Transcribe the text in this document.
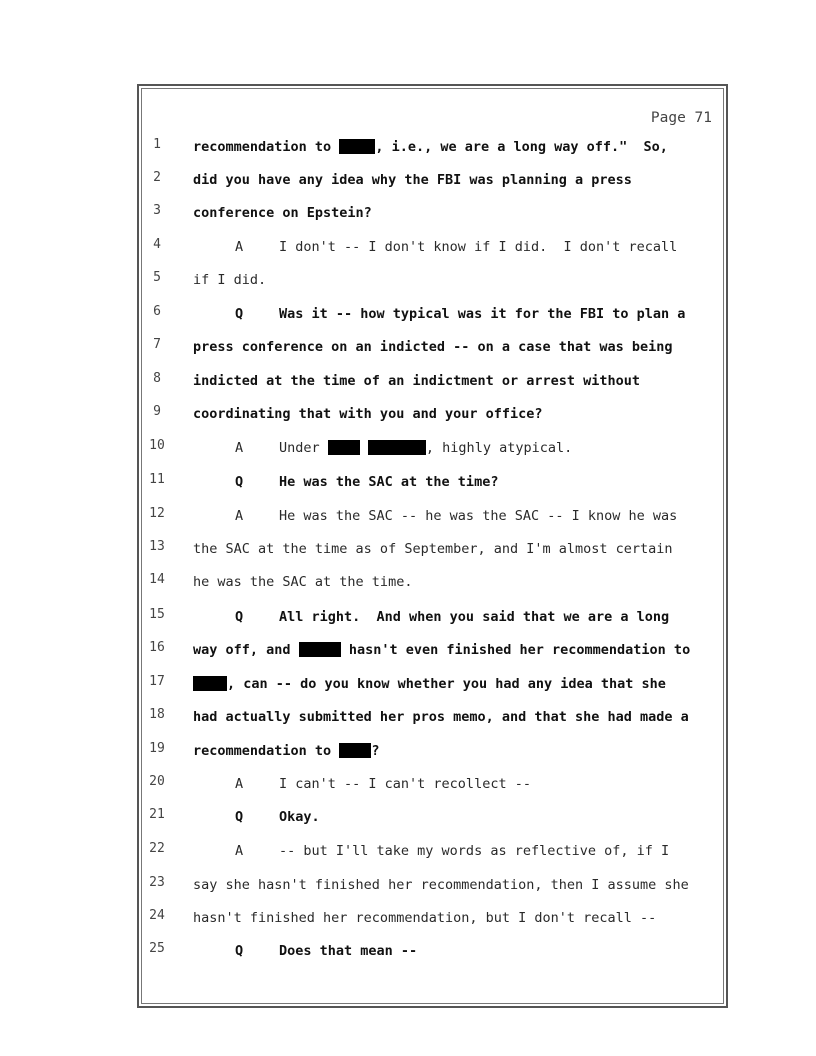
Page 71
1	recommendation to	, i.e., we are a long way off."  So,
2	did you have any idea why the FBI was planning a press
3	conference on Epstein?
4	A	I don't -- I don't know if I did.  I don't recall
5	if I did.
6	Q	Was it -- how typical was it for the FBI to plan a
7	press conference on an indicted -- on a case that was being
8	indicted at the time of an indictment or arrest without
9	coordinating that with you and your office?
10	A	Under	, highly atypical.
11	Q	He was the SAC at the time?
12	A	He was the SAC -- he was the SAC -- I know he was
13	the SAC at the time as of September, and I'm almost certain
14	he was the SAC at the time.
15	Q	All right.  And when you said that we are a long
16	way off, and	hasn't even finished her recommendation to
17	, can -- do you know whether you had any idea that she
18	had actually submitted her pros memo, and that she had made a
19	recommendation to	?
20	A	I can't -- I can't recollect --
21	Q	Okay.
22	A	-- but I'll take my words as reflective of, if I
23	say she hasn't finished her recommendation, then I assume she
24	hasn't finished her recommendation, but I don't recall --
25	Q	Does that mean --
